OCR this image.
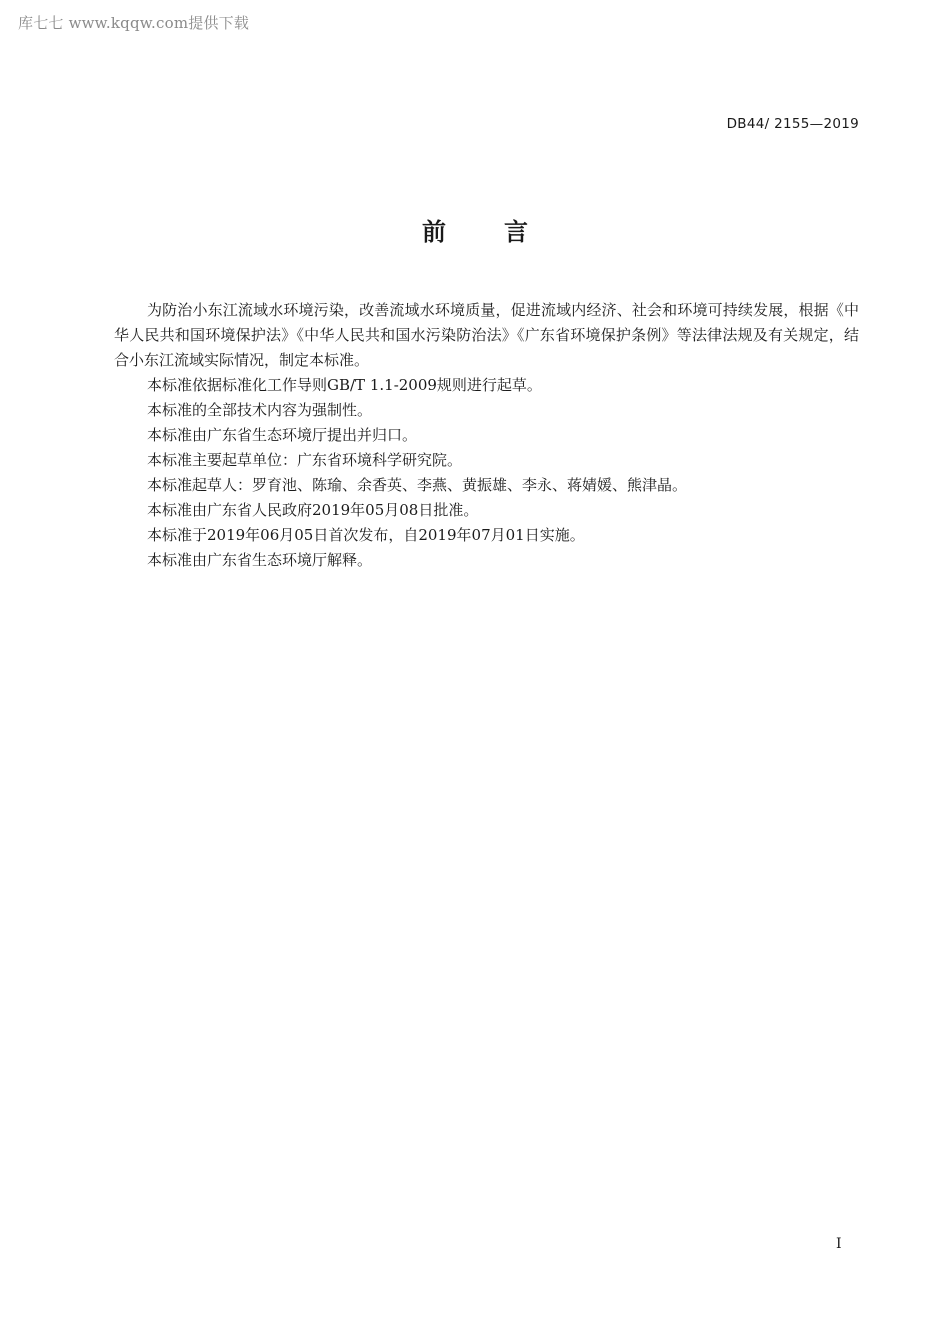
库七七 www.kqqw.com提供下载
DB44/ 2155—2019
前言

为防治小东江流域水环境污染，改善流域水环境质量，促进流域内经济、社会和环境可持续发展，根据《中华人民共和国环境保护法》《中华人民共和国水污染防治法》《广东省环境保护条例》等法律法规及有关规定，结合小东江流域实际情况，制定本标准。

本标准依据标准化工作导则GB/T 1.1-2009规则进行起草。

本标准的全部技术内容为强制性。

本标准由广东省生态环境厅提出并归口。

本标准主要起草单位：广东省环境科学研究院。

本标准起草人：罗育池、陈瑜、余香英、李燕、黄振雄、李永、蒋婧媛、熊津晶。

本标准由广东省人民政府2019年05月08日批准。

本标准于2019年06月05日首次发布，自2019年07月01日实施。

本标准由广东省生态环境厅解释。

I
